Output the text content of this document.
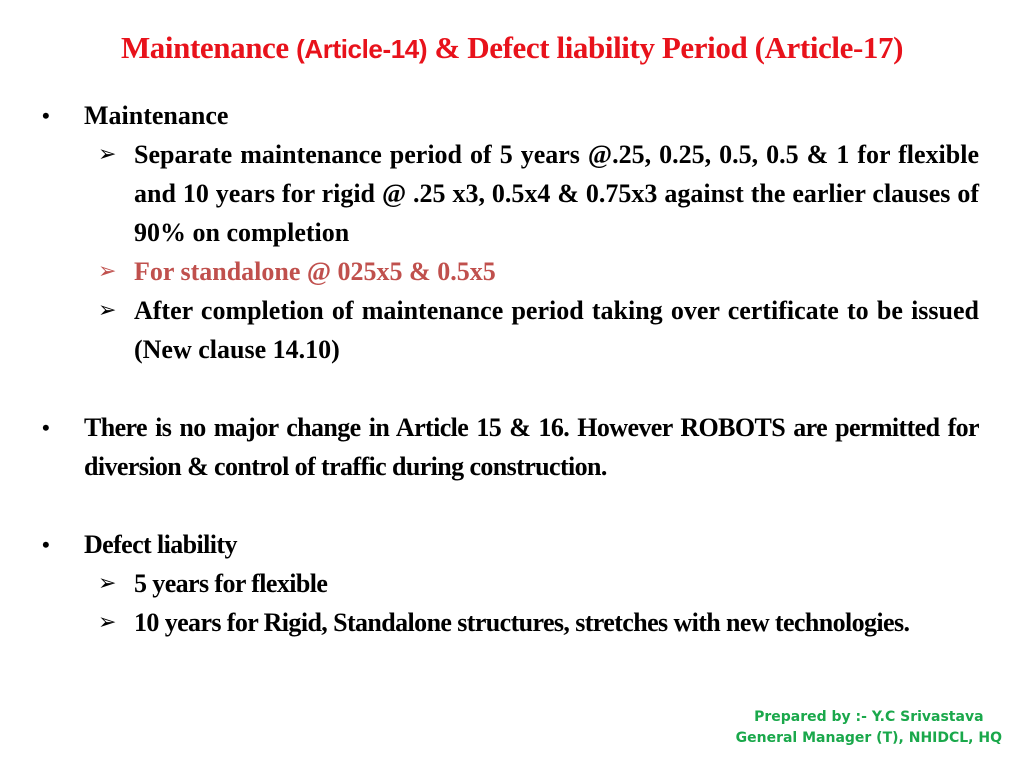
Maintenance (Article-14) & Defect liability Period (Article-17)
• Maintenance
➢ Separate maintenance period of 5 years @.25, 0.25, 0.5, 0.5 & 1 for flexible and 10 years for rigid @ .25 x3, 0.5x4 & 0.75x3 against the earlier clauses of 90% on completion
➢ For standalone @ 025x5 & 0.5x5
➢ After completion of maintenance period taking over certificate to be issued (New clause 14.10)
• There is no major change in Article 15 & 16. However ROBOTS are permitted for diversion & control of traffic during construction.
• Defect liability
➢ 5 years for flexible
➢ 10 years for Rigid, Standalone structures, stretches with new technologies.
Prepared by :- Y.C Srivastava
General Manager (T), NHIDCL, HQ
